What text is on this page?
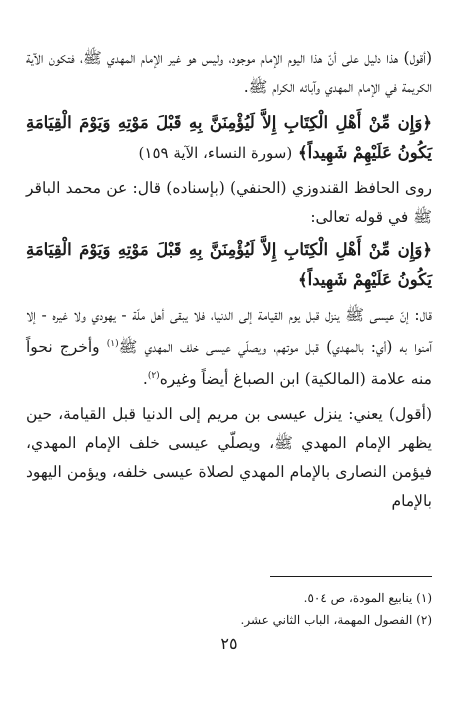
(أقول) هذا دليل على أنّ هذا اليوم الإمام موجود، وليس هو غير الإمام المهدي ﷺ، فتكون الآية الكريمة في الإمام المهدي وآبائه الكرام ﷺ.

﴿وَإِن مِّنْ أَهْلِ الْكِتَابِ إِلاَّ لَيُؤْمِنَنَّ بِهِ قَبْلَ مَوْتِهِ وَيَوْمَ الْقِيَامَةِ يَكُونُ عَلَيْهِمْ شَهِيداً﴾ (سورة النساء، الآية ١٥٩)

روى الحافظ القندوزي (الحنفي) (بإسناده) قال: عن محمد الباقر ﷺ في قوله تعالى:

﴿وَإِن مِّنْ أَهْلِ الْكِتَابِ إِلاَّ لَيُؤْمِنَنَّ بِهِ قَبْلَ مَوْتِهِ وَيَوْمَ الْقِيَامَةِ يَكُونُ عَلَيْهِمْ شَهِيداً﴾

قال: إنّ عيسى ﷺ ينزل قبل يوم القيامة إلى الدنيا، فلا يبقى أهل ملّة - يهودي ولا غيره - إلا آمنوا به (أي: بالمهدي) قبل موتهم، ويصلّي عيسى خلف المهدي ﷺ$^{(١)}$ وأخرج نحواً منه علامة (المالكية) ابن الصباغ أيضاً وغيره$^{(٢)}$.

(أقول) يعني: ينزل عيسى بن مريم إلى الدنيا قبل القيامة، حين يظهر الإمام المهدي ﷺ، ويصلّي عيسى خلف الإمام المهدي، فيؤمن النصارى بالإمام المهدي لصلاة عيسى خلفه، ويؤمن اليهود بالإمام

(١) ينابيع المودة، ص ٥٠٤.

(٢) الفصول المهمة، الباب الثاني عشر.

٢٥
